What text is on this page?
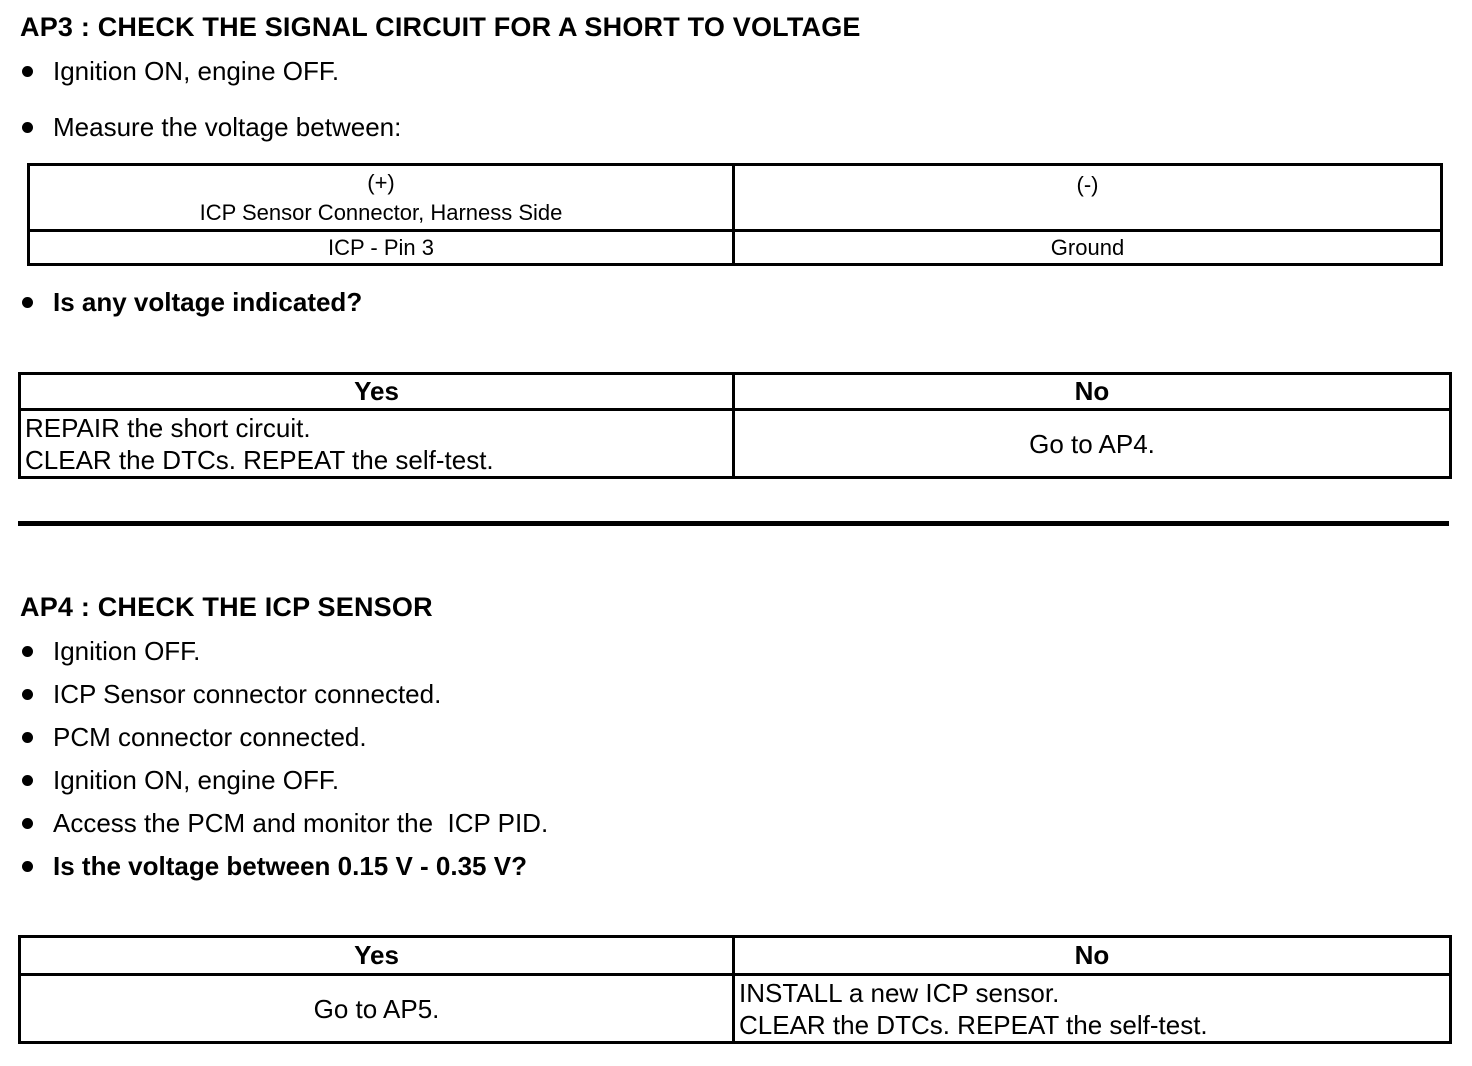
AP3 : CHECK THE SIGNAL CIRCUIT FOR A SHORT TO VOLTAGE
Ignition ON, engine OFF.
Measure the voltage between:
(+)
ICP Sensor Connector, Harness Side	(-)

ICP - Pin 3	Ground
Is any voltage indicated?
Yes	No

REPAIR the short circuit.
CLEAR the DTCs. REPEAT the self-test.	Go to AP4.
AP4 : CHECK THE ICP SENSOR
Ignition OFF.
ICP Sensor connector connected.
PCM connector connected.
Ignition ON, engine OFF.
Access the PCM and monitor the  ICP PID.
Is the voltage between 0.15 V - 0.35 V?
Yes	No
Go to AP5.	INSTALL a new ICP sensor.
CLEAR the DTCs. REPEAT the self-test.
